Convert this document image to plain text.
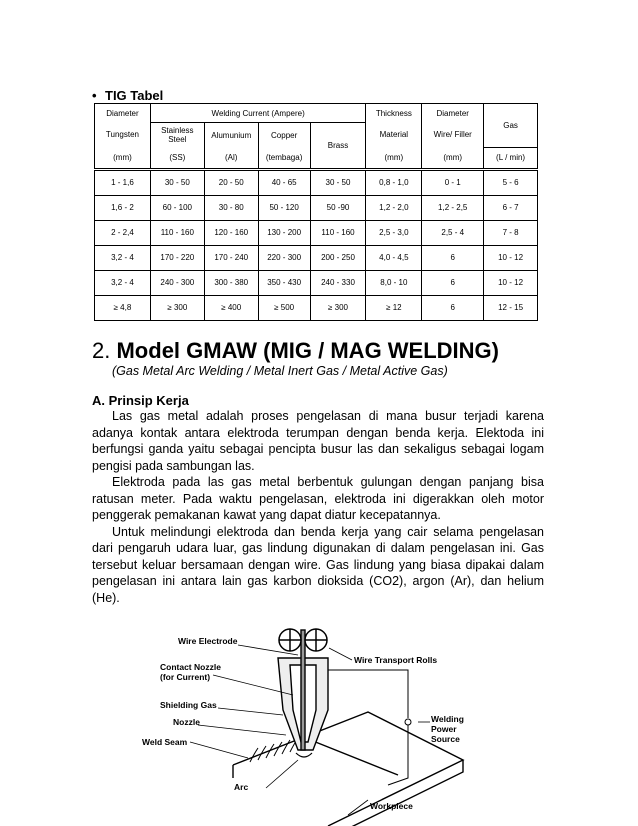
• TIG Tabel
Diameter	Welding Current (Ampere)				Thickness	Diameter	Gas
Tungsten	Stainless Steel	Alumunium	Copper	Brass	Material	Wire/ Filler	
(mm)	(SS)	(Al)	(tembaga)		(mm)	(mm)	(L / min)
1 - 1,6	30 - 50	20 - 50	40 - 65	30 - 50	0,8 - 1,0	0 - 1	5 - 6
1,6 - 2	60 - 100	30 - 80	50 - 120	50 -90	1,2 - 2,0	1,2 - 2,5	6 - 7
2 - 2,4	110 - 160	120 - 160	130 - 200	110 - 160	2,5 - 3,0	2,5 - 4	7 - 8
3,2 - 4	170 - 220	170 - 240	220 - 300	200 - 250	4,0 - 4,5	6	10 - 12
3,2 - 4	240 - 300	300 - 380	350 - 430	240 - 330	8,0 - 10	6	10 - 12
≥ 4,8	≥ 300	≥ 400	≥ 500	≥ 300	≥ 12	6	12 - 15
2. Model GMAW (MIG / MAG WELDING)
(Gas Metal Arc Welding / Metal Inert Gas / Metal Active Gas)
A. Prinsip Kerja

Las gas metal adalah proses pengelasan di mana busur terjadi karena adanya kontak antara elektroda terumpan dengan benda kerja. Elektoda ini berfungsi ganda yaitu sebagai pencipta busur las dan sekaligus sebagai logam pengisi pada sambungan las.

Elektroda pada las gas metal berbentuk gulungan dengan panjang bisa ratusan meter. Pada waktu pengelasan, elektroda ini digerakkan oleh motor penggerak pemakanan kawat yang dapat diatur kecepatannya.

Untuk melindungi elektroda dan benda kerja yang cair selama pengelasan dari pengaruh udara luar, gas lindung digunakan di dalam pengelasan ini. Gas tersebut keluar bersamaan dengan wire. Gas lindung yang biasa dipakai dalam pengelasan ini antara lain gas karbon dioksida (CO2), argon (Ar), dan helium (He).

Wire Electrode
Contact Nozzle
(for Current)
Shielding Gas
Nozzle
Weld Seam
Arc
Wire Transport Rolls
Welding
Power
Source
Workpiece
